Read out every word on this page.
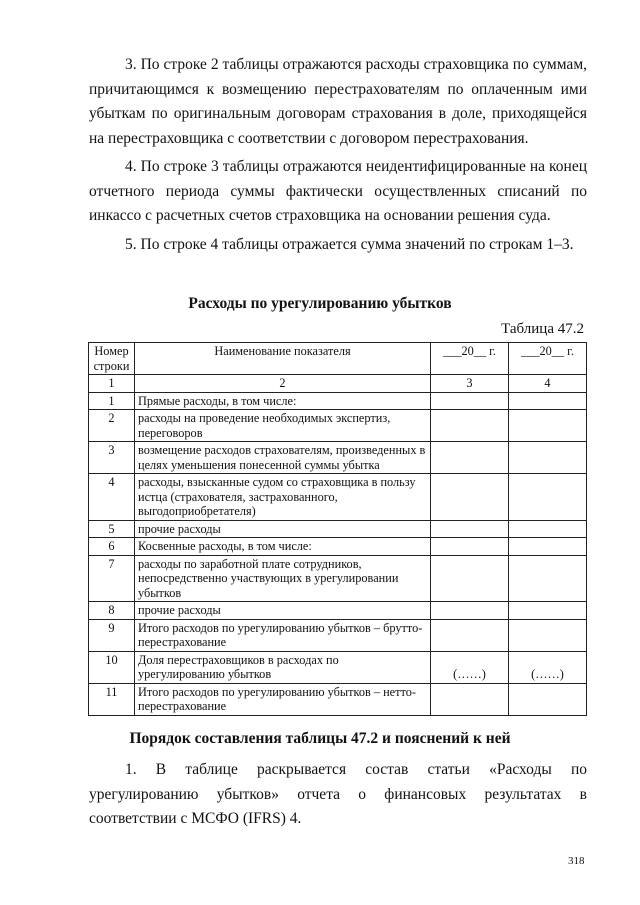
3. По строке 2 таблицы отражаются расходы страховщика по суммам, причитающимся к возмещению перестрахователям по оплаченным ими убыткам по оригинальным договорам страхования в доле, приходящейся на перестраховщика с соответствии с договором перестрахования.
4. По строке 3 таблицы отражаются неидентифицированные на конец отчетного периода суммы фактически осуществленных списаний по инкассо с расчетных счетов страховщика на основании решения суда.
5. По строке 4 таблицы отражается сумма значений по строкам 1–3.
Расходы по урегулированию убытков
Таблица 47.2
Номер строки	Наименование показателя	___20__ г.	___20__ г.
1	2	3	4
1	Прямые расходы, в том числе:		
2	расходы на проведение необходимых экспертиз, переговоров		
3	возмещение расходов страхователям, произведенных в целях уменьшения понесенной суммы убытка		
4	расходы, взысканные судом со страховщика в пользу истца (страхователя, застрахованного, выгодоприобретателя)		
5	прочие расходы		
6	Косвенные расходы, в том числе:		
7	расходы по заработной плате сотрудников, непосредственно участвующих в урегулировании убытков		
8	прочие расходы		
9	Итого расходов по урегулированию убытков – брутто-перестрахование		
10	Доля перестраховщиков в расходах по урегулированию убытков	(……)	(……)
11	Итого расходов по урегулированию убытков – нетто-перестрахование		
Порядок составления таблицы 47.2 и пояснений к ней
1. В таблице раскрывается состав статьи «Расходы по урегулированию убытков» отчета о финансовых результатах в соответствии с МСФО (IFRS) 4.
318
